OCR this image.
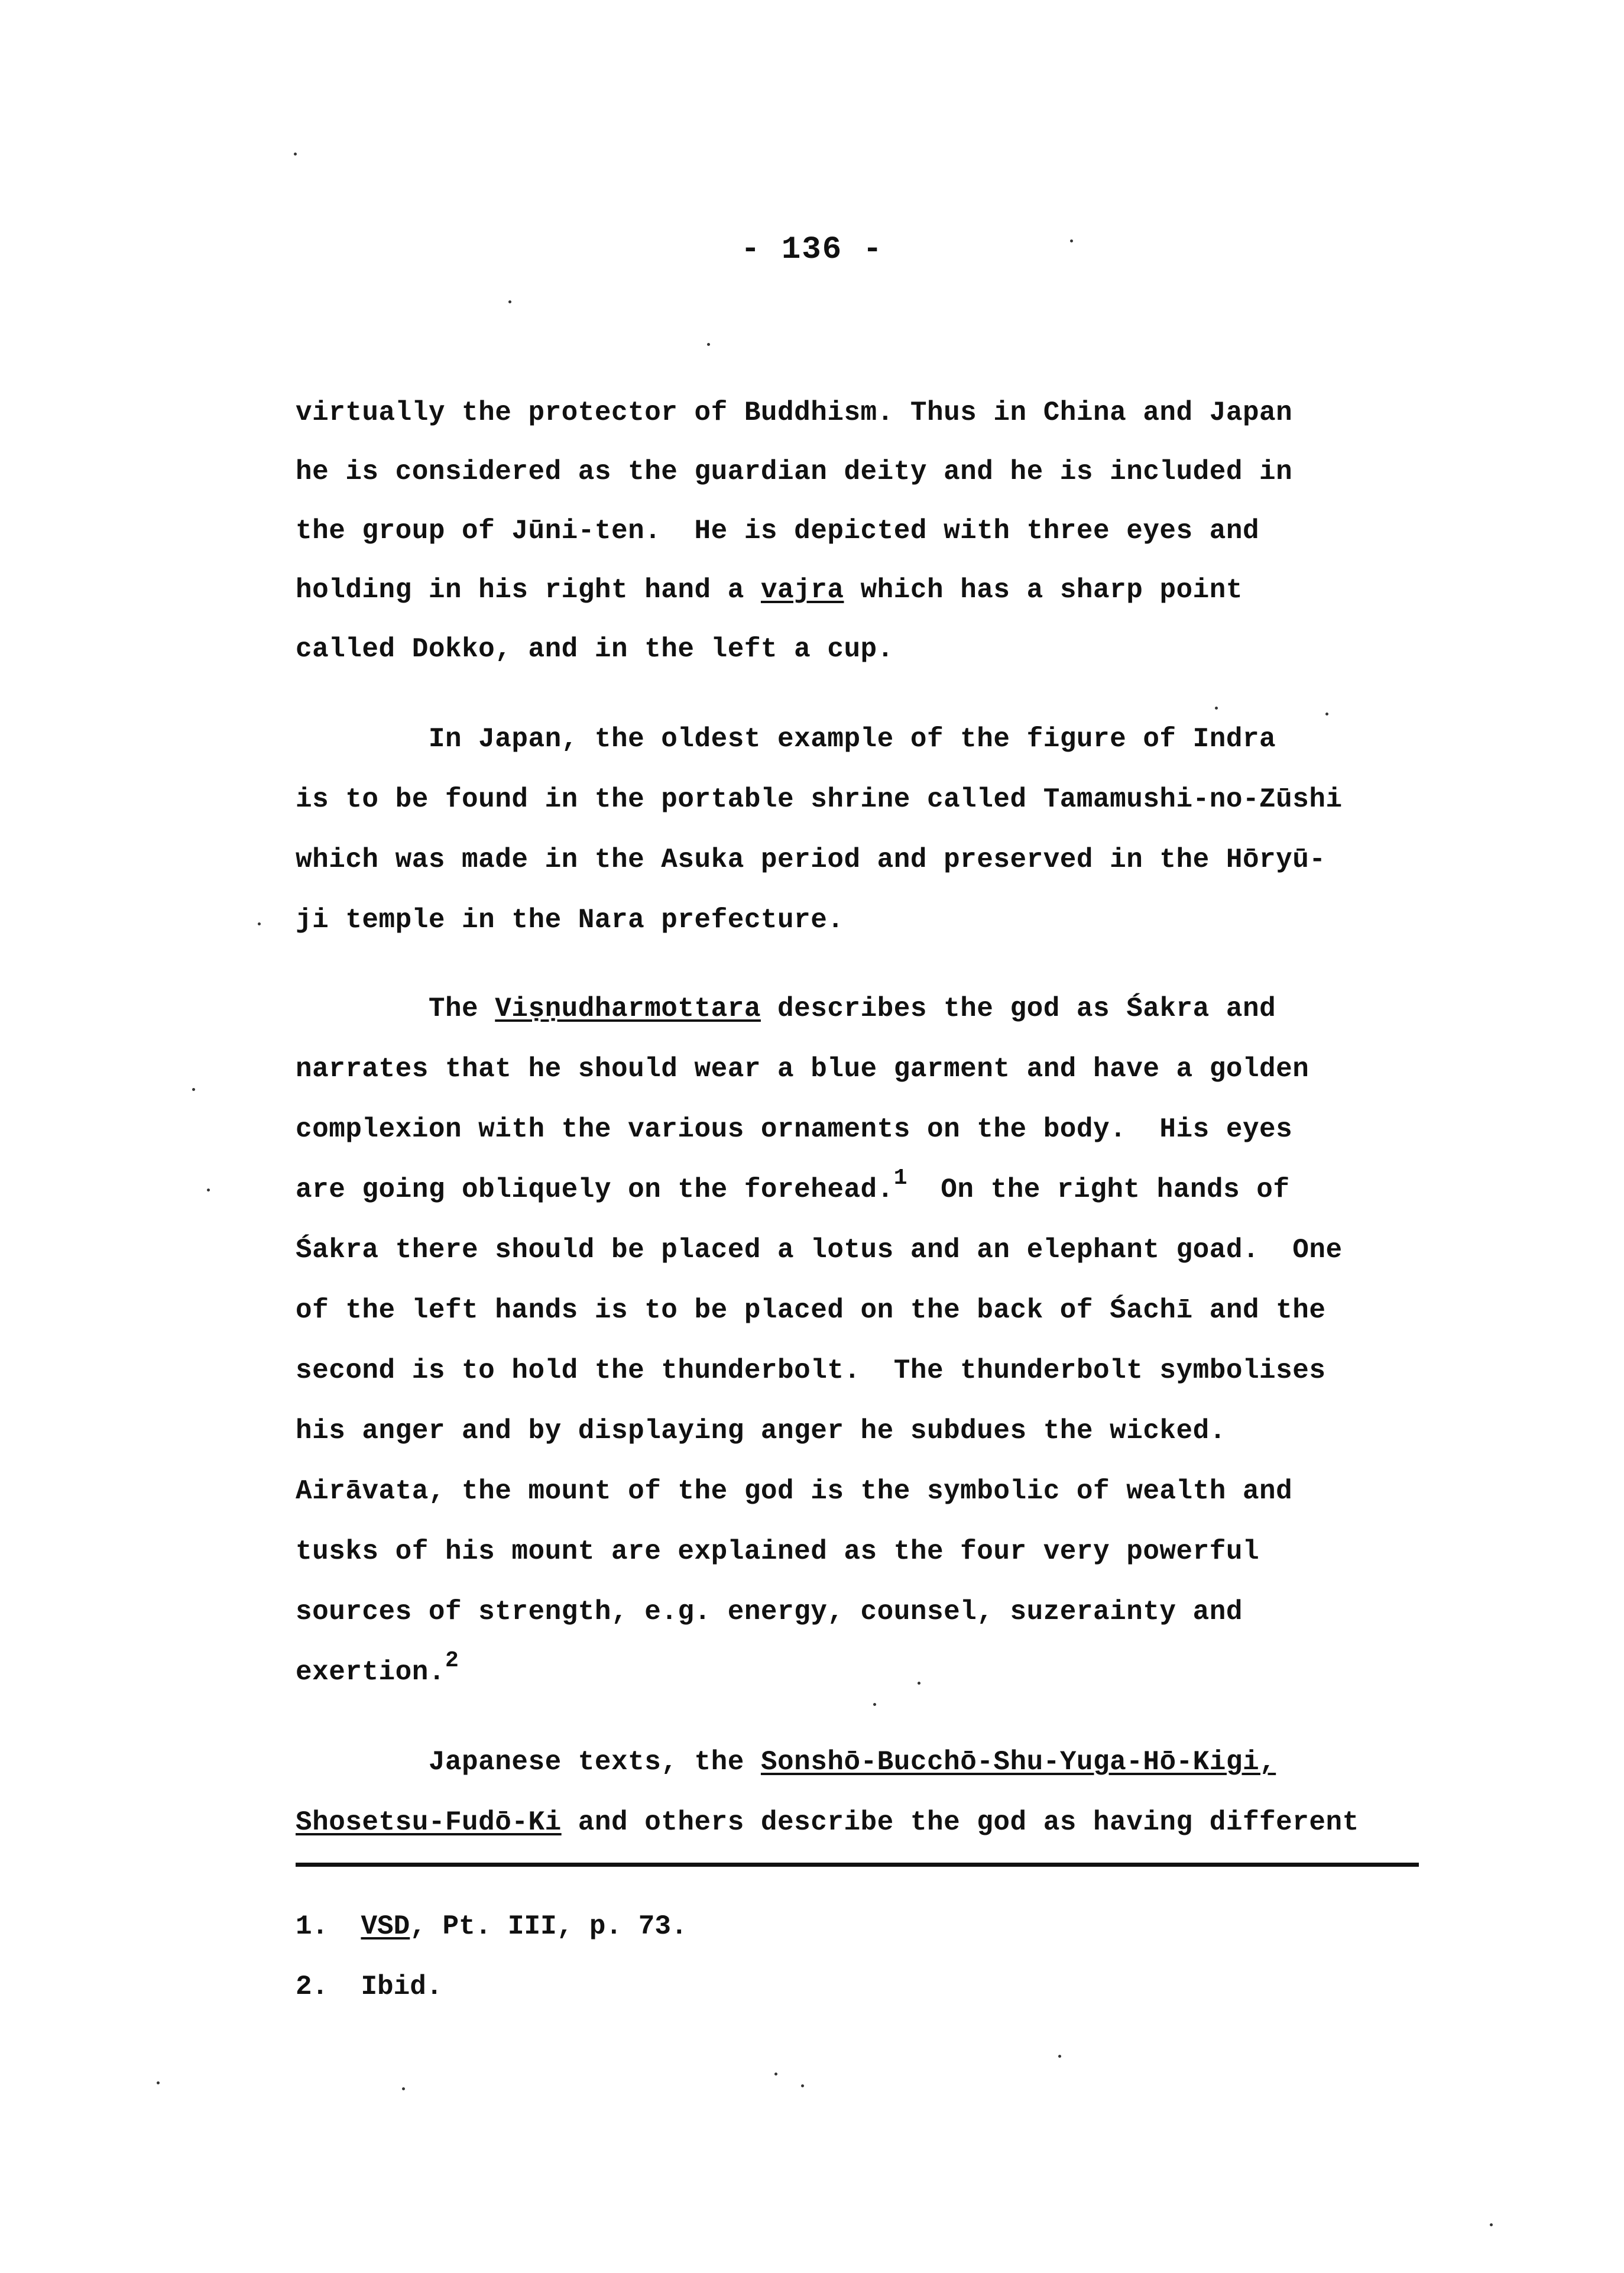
- 136 -
virtually the protector of Buddhism. Thus in China and Japan
he is considered as the guardian deity and he is included in
the group of Jūni-ten.  He is depicted with three eyes and
holding in his right hand a vajra which has a sharp point
called Dokko, and in the left a cup.
In Japan, the oldest example of the figure of Indra
is to be found in the portable shrine called Tamamushi-no-Zūshi
which was made in the Asuka period and preserved in the Hōryū-
ji temple in the Nara prefecture.
The Viṣṇudharmottara describes the god as Śakra and
narrates that he should wear a blue garment and have a golden
complexion with the various ornaments on the body.  His eyes
are going obliquely on the forehead.$^1$  On the right hands of
Śakra there should be placed a lotus and an elephant goad.  One
of the left hands is to be placed on the back of Śachī and the
second is to hold the thunderbolt.  The thunderbolt symbolises
his anger and by displaying anger he subdues the wicked.
Airāvata, the mount of the god is the symbolic of wealth and
tusks of his mount are explained as the four very powerful
sources of strength, e.g. energy, counsel, suzerainty and
exertion.$^2$
Japanese texts, the Sonshō-Bucchō-Shu-Yuga-Hō-Kigi,
Shosetsu-Fudō-Ki and others describe the god as having different
1. VSD, Pt. III, p. 73.
2. Ibid.
